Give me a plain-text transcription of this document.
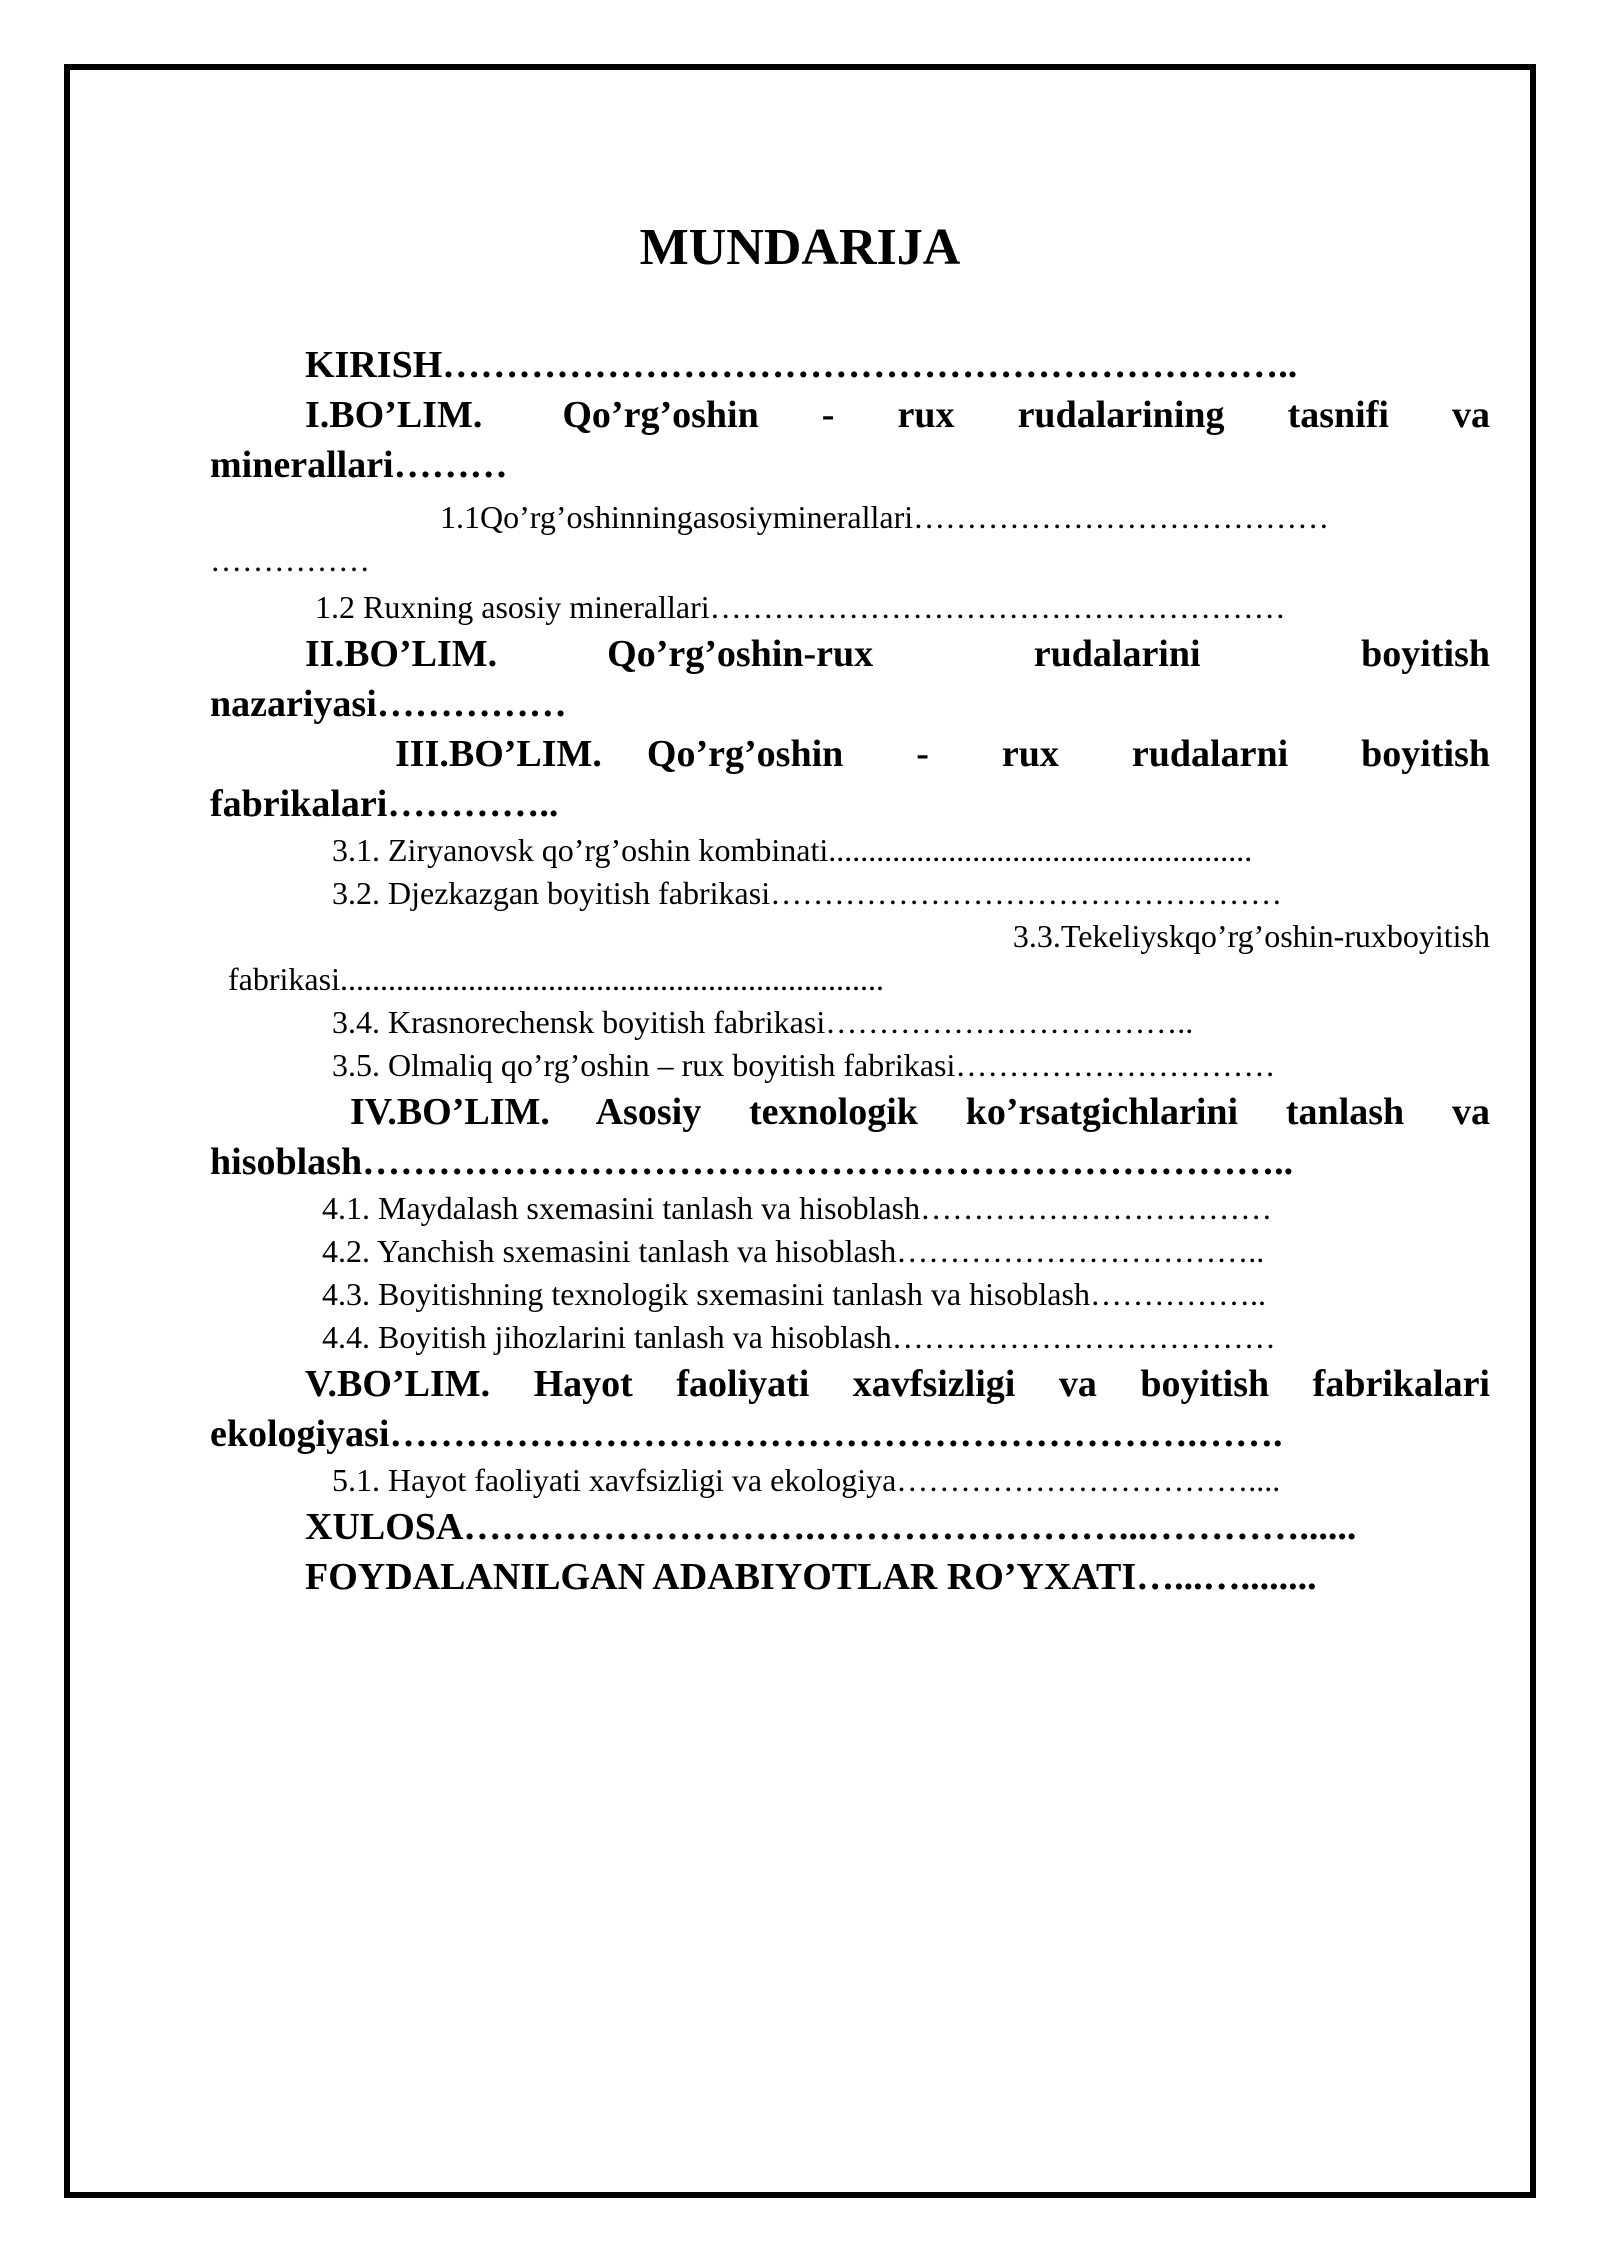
MUNDARIJA
KIRISH…………………………………………………………..
I.BO’LIM. Qo’rg’oshin - rux rudalarining tasnifi va
minerallari………
1.1Qo’rg’oshinningasosiyminerallari…………………………………
……………
1.2 Ruxning asosiy minerallari………………………………………………
II.BO’LIM.	Qo’rg’oshin-rux rudalarini boyitish
nazariyasi……………
III.BO’LIM. Qo’rg’oshin - rux rudalarni boyitish
fabrikalari…………..
3.1. Ziryanovsk qo’rg’oshin kombinati.....................................................
3.2. Djezkazgan boyitish fabrikasi…………………………………………
3.3.Tekeliyskqo’rg’oshin-ruxboyitish
fabrikasi....................................................................
3.4. Krasnorechensk boyitish fabrikasi……………………………..
3.5. Olmaliq qo’rg’oshin – rux boyitish fabrikasi…………………………
IV.BO’LIM. Asosiy texnologik ko’rsatgichlarini tanlash va
hisoblash………………………………………………………………..
4.1. Maydalash sxemasini tanlash va hisoblash……………………………
4.2. Yanchish sxemasini tanlash va hisoblash……………………………..
4.3. Boyitishning texnologik sxemasini tanlash va hisoblash……………..
4.4. Boyitish jihozlarini tanlash va hisoblash………………………………
V.BO’LIM. Hayot faoliyati xavfsizligi va boyitish fabrikalari
ekologiyasi……………………………………………………….…….
5.1. Hayot faoliyati xavfsizligi va ekologiya……………………………....
XULOSA……………………….……………………...…………......
FOYDALANILGAN ADABIYOTLAR RO’YXATI…...…........
